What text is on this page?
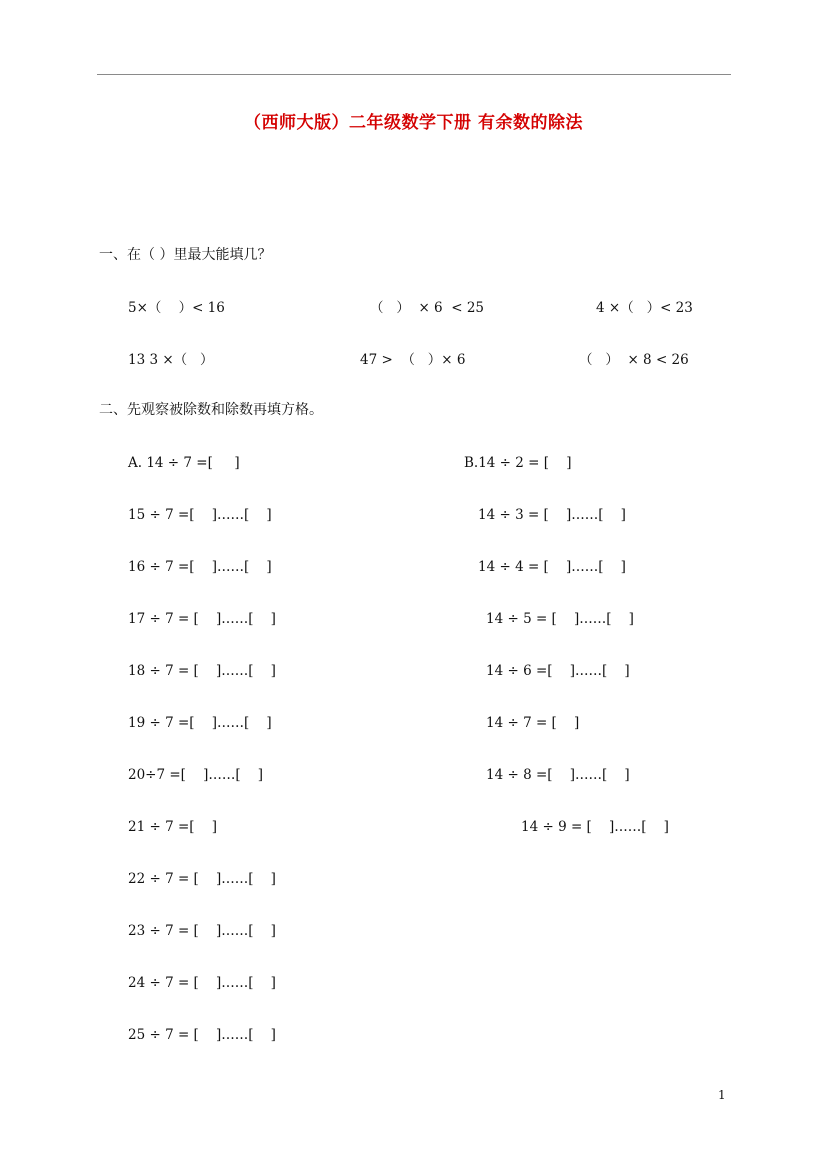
（西师大版）二年级数学下册 有余数的除法
一、在（ ）里最大能填几？
5×（    ）< 16	（   ）  × 6  < 25	4 ×（   ）< 23
13 3 ×（   ）	47 >  （   ）× 6	（   ）  × 8 < 26
二、先观察被除数和除数再填方格。
A. 14 ÷ 7 =[     ]
15 ÷ 7 =[    ]……[    ]
16 ÷ 7 =[    ]……[    ]
17 ÷ 7 = [    ]……[    ]
18 ÷ 7 = [    ]……[    ]
19 ÷ 7 =[    ]……[    ]
20÷7 =[    ]……[    ]
21 ÷ 7 =[    ]
22 ÷ 7 = [    ]……[    ]
23 ÷ 7 = [    ]……[    ]
24 ÷ 7 = [    ]……[    ]
25 ÷ 7 = [    ]……[    ]
B.14 ÷ 2 = [    ]
14 ÷ 3 = [    ]……[    ]
14 ÷ 4 = [    ]……[    ]
14 ÷ 5 = [    ]……[    ]
14 ÷ 6 =[    ]……[    ]
14 ÷ 7 = [    ]
14 ÷ 8 =[    ]……[    ]
14 ÷ 9 = [    ]……[    ]
1
